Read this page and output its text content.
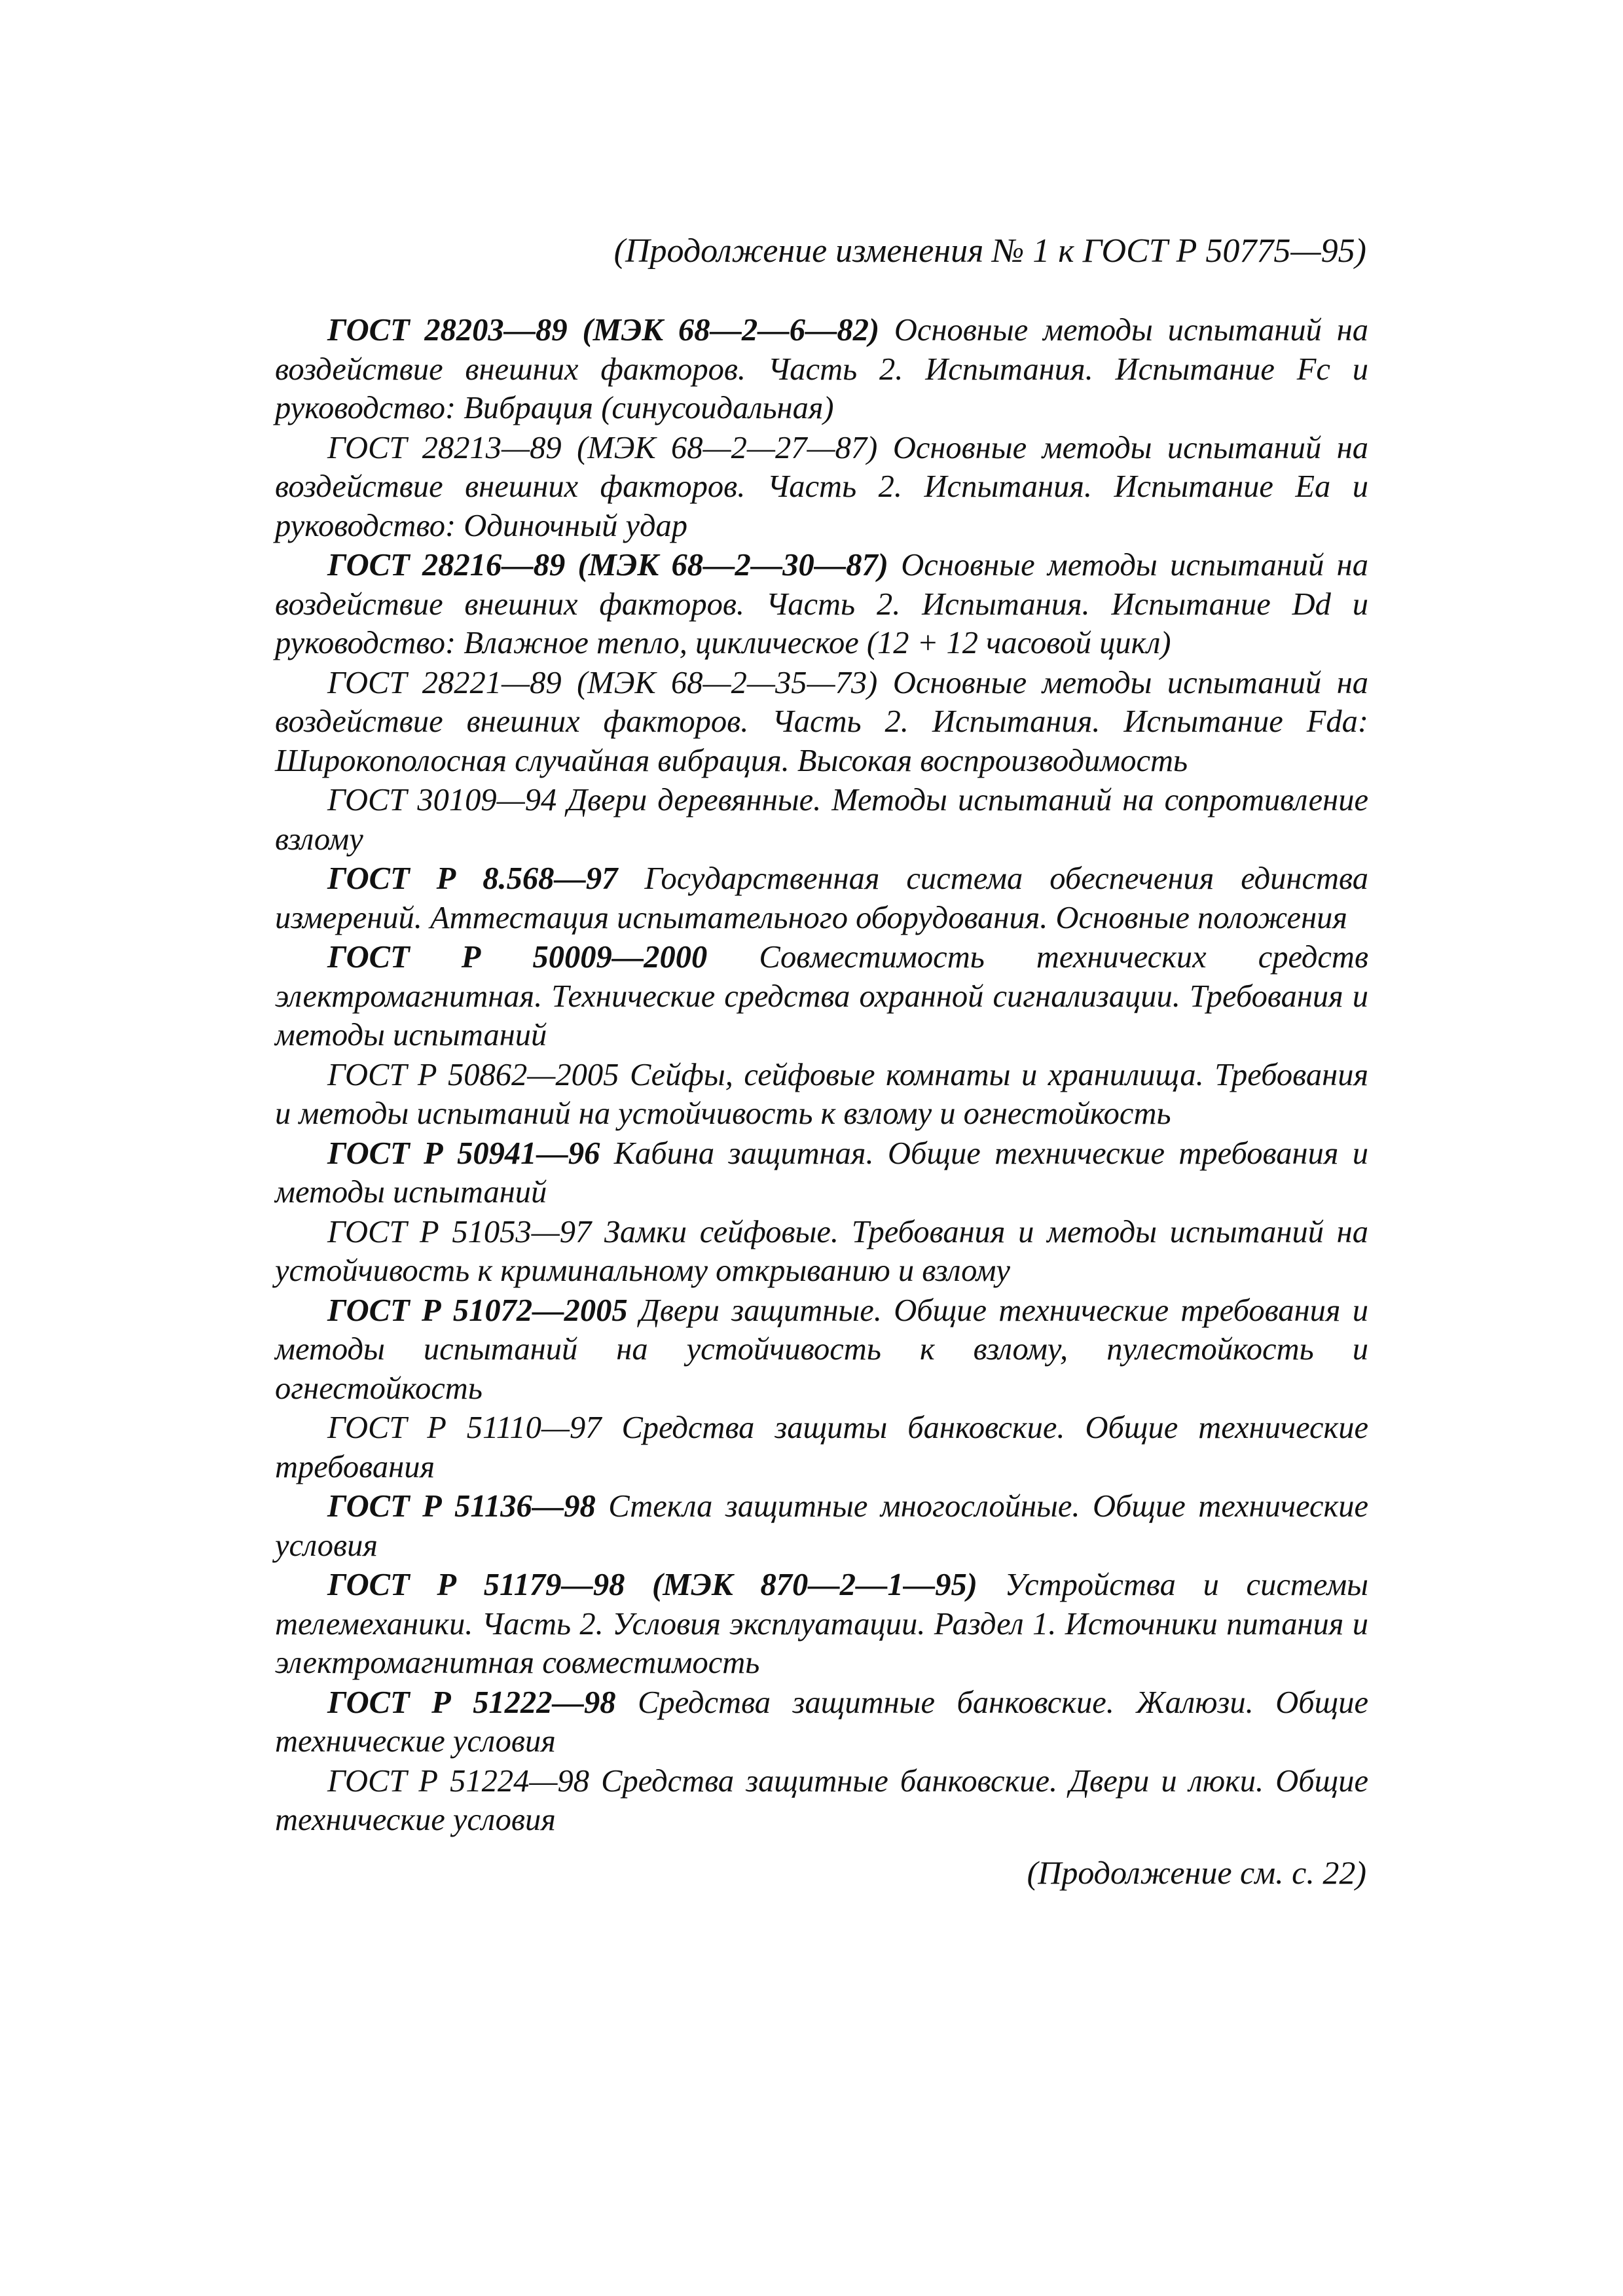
(Продолжение изменения № 1 к ГОСТ Р 50775—95)

ГОСТ 28203—89 (МЭК 68—2—6—82) Основные методы испытаний на воздействие внешних факторов. Часть 2. Испытания. Испытание Fc и руководство: Вибрация (синусоидальная)

ГОСТ 28213—89 (МЭК 68—2—27—87) Основные методы испытаний на воздействие внешних факторов. Часть 2. Испытания. Испытание Еа и руководство: Одиночный удар

ГОСТ 28216—89 (МЭК 68—2—30—87) Основные методы испытаний на воздействие внешних факторов. Часть 2. Испытания. Испытание Dd и руководство: Влажное тепло, циклическое (12 + 12 часовой цикл)

ГОСТ 28221—89 (МЭК 68—2—35—73) Основные методы испытаний на воздействие внешних факторов. Часть 2. Испытания. Испытание Fda: Широкополосная случайная вибрация. Высокая воспроизводимость

ГОСТ 30109—94 Двери деревянные. Методы испытаний на сопротивление взлому

ГОСТ Р 8.568—97 Государственная система обеспечения единства измерений. Аттестация испытательного оборудования. Основные положения

ГОСТ Р 50009—2000 Совместимость технических средств электромагнитная. Технические средства охранной сигнализации. Требования и методы испытаний

ГОСТ Р 50862—2005 Сейфы, сейфовые комнаты и хранилища. Требования и методы испытаний на устойчивость к взлому и огнестойкость

ГОСТ Р 50941—96 Кабина защитная. Общие технические требования и методы испытаний

ГОСТ Р 51053—97 Замки сейфовые. Требования и методы испытаний на устойчивость к криминальному открыванию и взлому

ГОСТ Р 51072—2005 Двери защитные. Общие технические требования и методы испытаний на устойчивость к взлому, пулестойкость и огнестойкость

ГОСТ Р 51110—97 Средства защиты банковские. Общие технические требования

ГОСТ Р 51136—98 Стекла защитные многослойные. Общие технические условия

ГОСТ Р 51179—98 (МЭК 870—2—1—95) Устройства и системы телемеханики. Часть 2. Условия эксплуатации. Раздел 1. Источники питания и электромагнитная совместимость

ГОСТ Р 51222—98 Средства защитные банковские. Жалюзи. Общие технические условия

ГОСТ Р 51224—98 Средства защитные банковские. Двери и люки. Общие технические условия

(Продолжение см. с. 22)
